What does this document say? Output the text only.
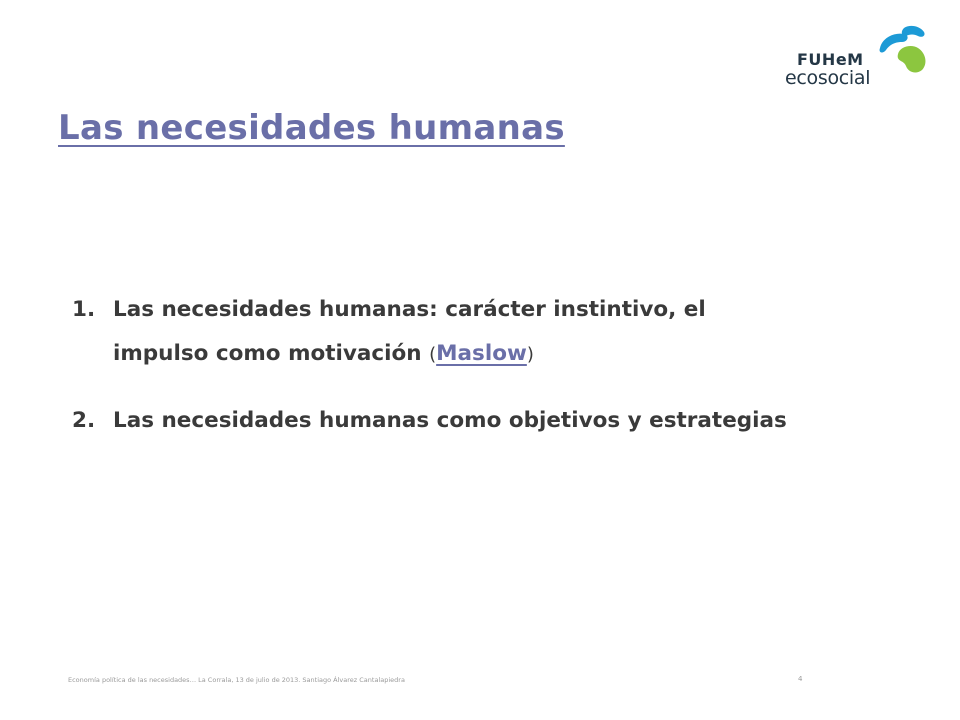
FUHeM
ecosocial
Las necesidades humanas
1. Las necesidades humanas: carácter instintivo, el
impulso como motivación (Maslow)
2. Las necesidades humanas como objetivos y estrategias
Economía política de las necesidades… La Corrala, 13 de julio de 2013. Santiago Álvarez Cantalapiedra	4
